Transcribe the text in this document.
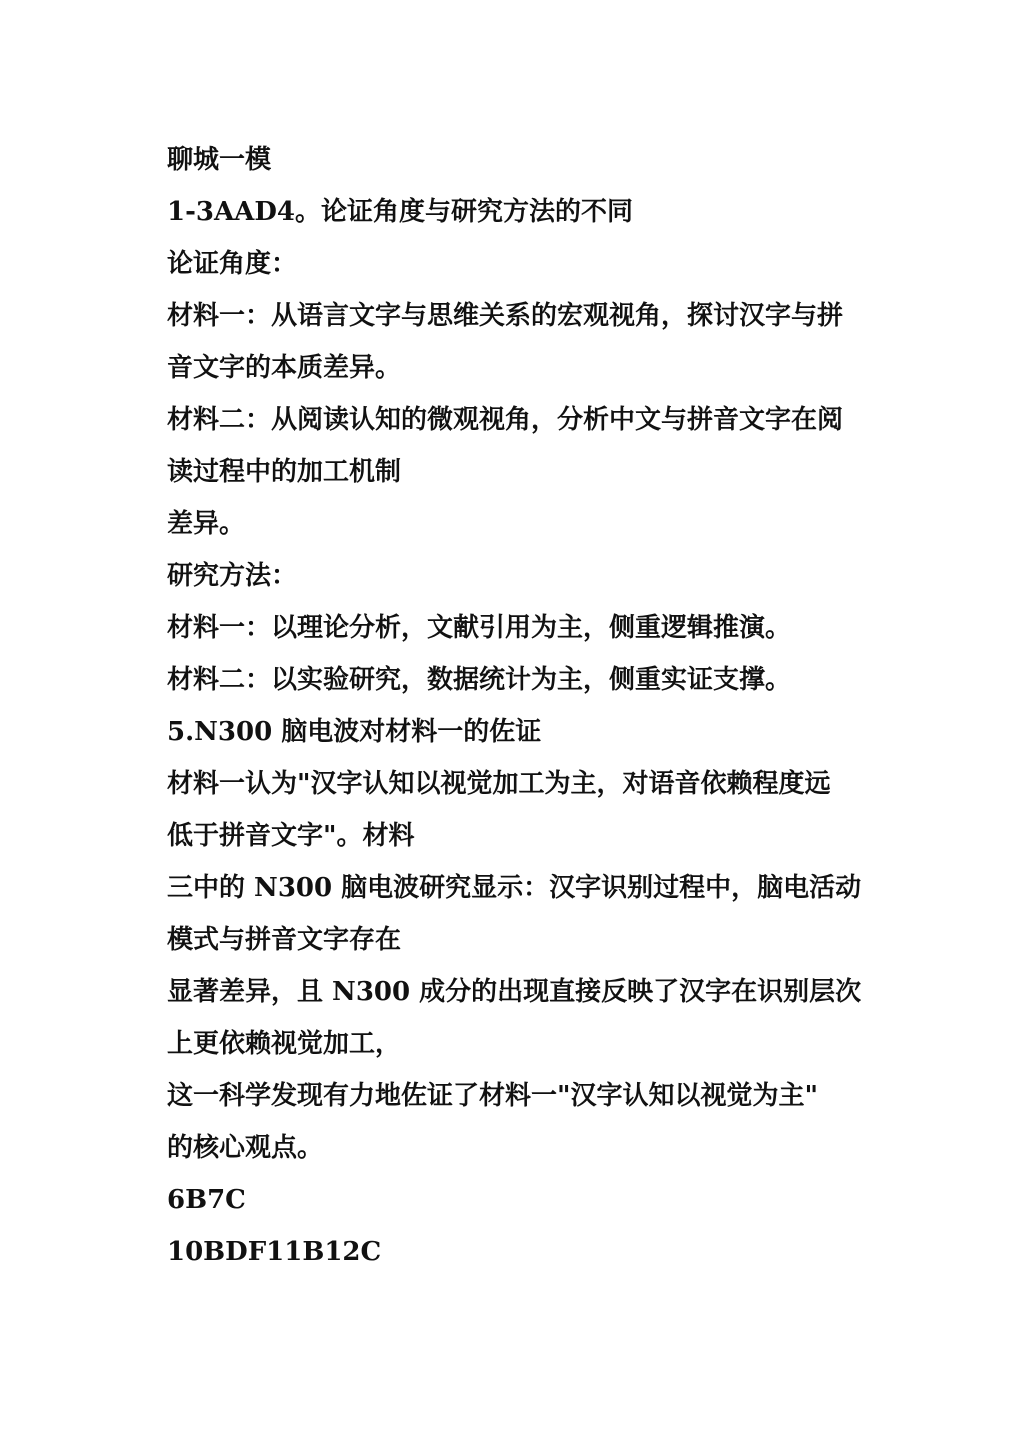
聊城一模
1-3AAD4。论证角度与研究方法的不同
论证角度：
材料一：从语言文字与思维关系的宏观视角，探讨汉字与拼
音文字的本质差异。
材料二：从阅读认知的微观视角，分析中文与拼音文字在阅
读过程中的加工机制
差异。
研究方法：
材料一：以理论分析，文献引用为主，侧重逻辑推演。
材料二：以实验研究，数据统计为主，侧重实证支撑。
5.N300 脑电波对材料一的佐证
材料一认为"汉字认知以视觉加工为主，对语音依赖程度远
低于拼音文字"。材料
三中的 N300 脑电波研究显示：汉字识别过程中，脑电活动
模式与拼音文字存在
显著差异，且 N300 成分的出现直接反映了汉字在识别层次
上更依赖视觉加工，
这一科学发现有力地佐证了材料一"汉字认知以视觉为主"
的核心观点。
6B7C
10BDF11B12C
